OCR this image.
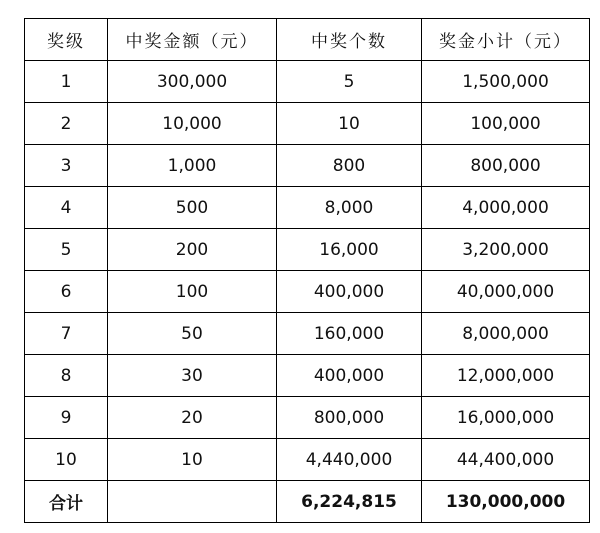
奖级	中奖金额（元）	中奖个数	奖金小计（元）
1	300,000	5	1,500,000
2	10,000	10	100,000
3	1,000	800	800,000
4	500	8,000	4,000,000
5	200	16,000	3,200,000
6	100	400,000	40,000,000
7	50	160,000	8,000,000
8	30	400,000	12,000,000
9	20	800,000	16,000,000
10	10	4,440,000	44,400,000
合计		6,224,815	130,000,000
